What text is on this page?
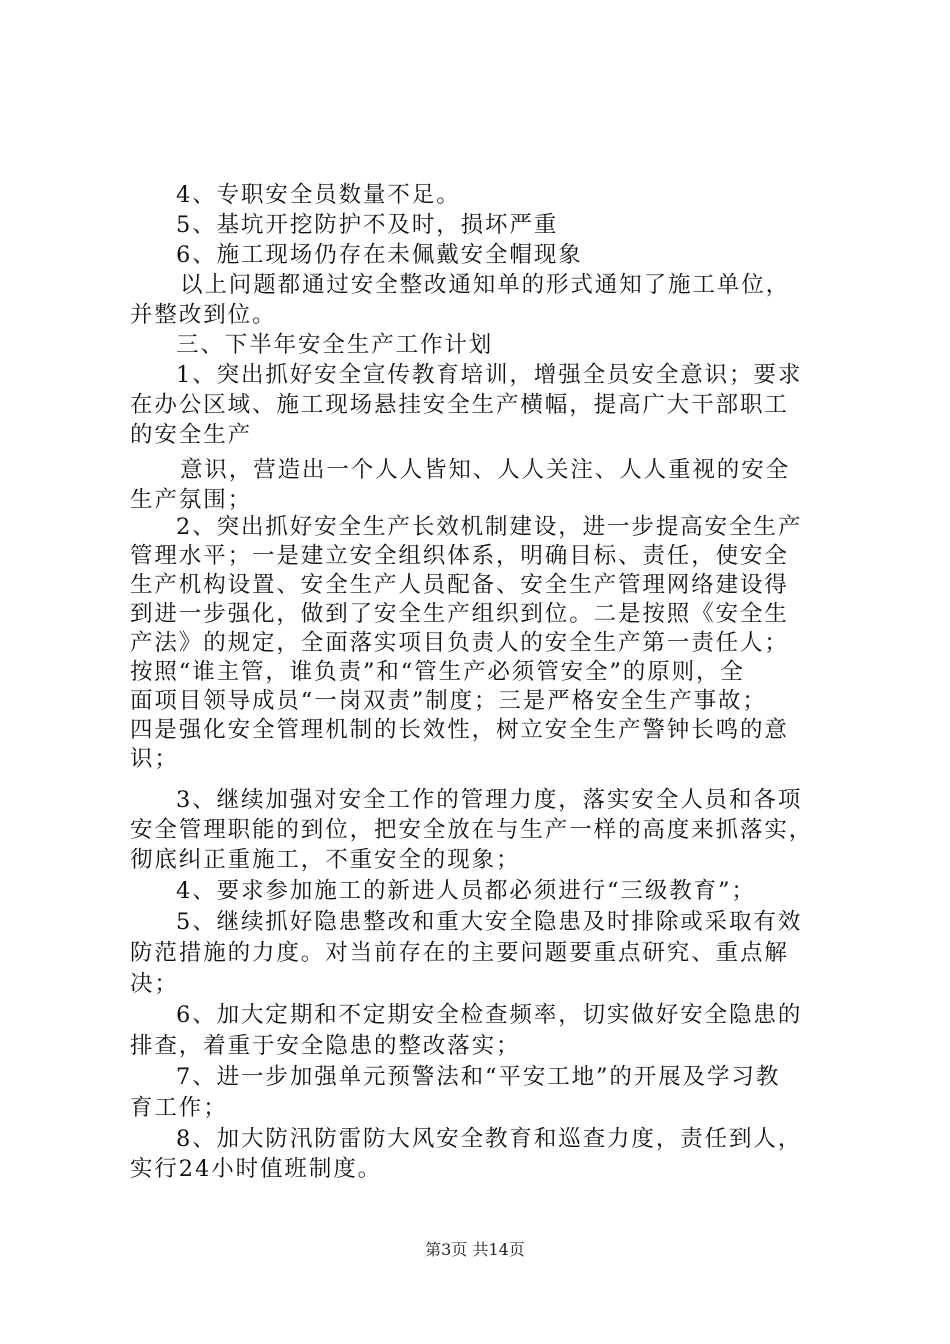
4、专职安全员数量不足。
5、基坑开挖防护不及时，损坏严重
6、施工现场仍存在未佩戴安全帽现象
以上问题都通过安全整改通知单的形式通知了施工单位，
并整改到位。
三、下半年安全生产工作计划
1、突出抓好安全宣传教育培训，增强全员安全意识；要求
在办公区域、施工现场悬挂安全生产横幅，提高广大干部职工
的安全生产
意识，营造出一个人人皆知、人人关注、人人重视的安全
生产氛围；
2、突出抓好安全生产长效机制建设，进一步提高安全生产
管理水平；一是建立安全组织体系，明确目标、责任，使安全
生产机构设置、安全生产人员配备、安全生产管理网络建设得
到进一步强化，做到了安全生产组织到位。二是按照《安全生
产法》的规定，全面落实项目负责人的安全生产第一责任人；
按照“谁主管，谁负责”和“管生产必须管安全”的原则，全
面项目领导成员“一岗双责”制度；三是严格安全生产事故；
四是强化安全管理机制的长效性，树立安全生产警钟长鸣的意
识；
3、继续加强对安全工作的管理力度，落实安全人员和各项
安全管理职能的到位，把安全放在与生产一样的高度来抓落实，
彻底纠正重施工，不重安全的现象；
4、要求参加施工的新进人员都必须进行“三级教育”；
5、继续抓好隐患整改和重大安全隐患及时排除或采取有效
防范措施的力度。对当前存在的主要问题要重点研究、重点解
决；
6、加大定期和不定期安全检查频率，切实做好安全隐患的
排查，着重于安全隐患的整改落实；
7、进一步加强单元预警法和“平安工地”的开展及学习教
育工作；
8、加大防汛防雷防大风安全教育和巡查力度，责任到人，
实行24小时值班制度。
第3页 共14页
